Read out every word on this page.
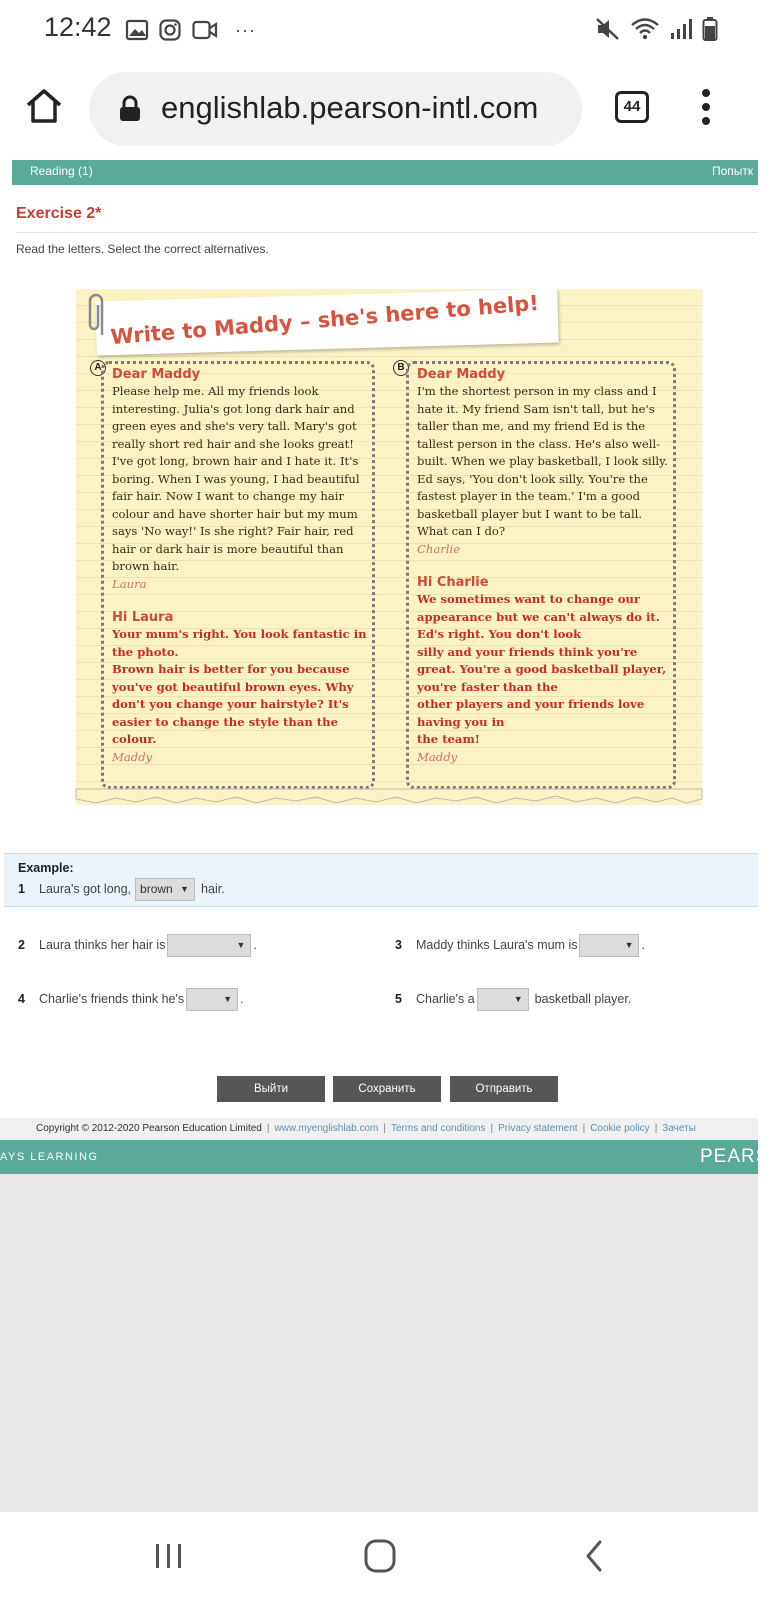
12:42	···
englishlab.pearson-intl.com	44
Reading (1)	Попытк
Exercise 2*
Read the letters. Select the correct alternatives.
Write to Maddy – she's here to help!
A Dear Maddy
Please help me. All my friends look interesting. Julia's got long dark hair and green eyes and she's very tall. Mary's got really short red hair and she looks great! I've got long, brown hair and I hate it. It's boring. When I was young, I had beautiful fair hair. Now I want to change my hair colour and have shorter hair but my mum says 'No way!' Is she right? Fair hair, red hair or dark hair is more beautiful than brown hair.
Laura
Hi Laura
Your mum's right. You look fantastic in the photo.
Brown hair is better for you because you've got beautiful brown eyes. Why don't you change your hairstyle? It's easier to change the style than the colour.
Maddy
B Dear Maddy
I'm the shortest person in my class and I hate it. My friend Sam isn't tall, but he's taller than me, and my friend Ed is the tallest person in the class. He's also well-built. When we play basketball, I look silly. Ed says, 'You don't look silly. You're the fastest player in the team.' I'm a good basketball player but I want to be tall. What can I do?
Charlie
Hi Charlie
We sometimes want to change our appearance but we can't always do it. Ed's right. You don't look
silly and your friends think you're great. You're a good basketball player, you're faster than the
other players and your friends love having you in
the team!
Maddy
Example:
1	Laura's got long, brown ▼ hair.
2	Laura thinks her hair is	▼ .	3	Maddy thinks Laura's mum is	▼ .
4	Charlie's friends think he's	▼ .	5	Charlie's a	▼ basketball player.
Выйти	Сохранить	Отправить
Copyright © 2012-2020 Pearson Education Limited | www.myenglishlab.com | Terms and conditions | Privacy statement | Cookie policy | Зачеты
AYS LEARNING	PEARS
